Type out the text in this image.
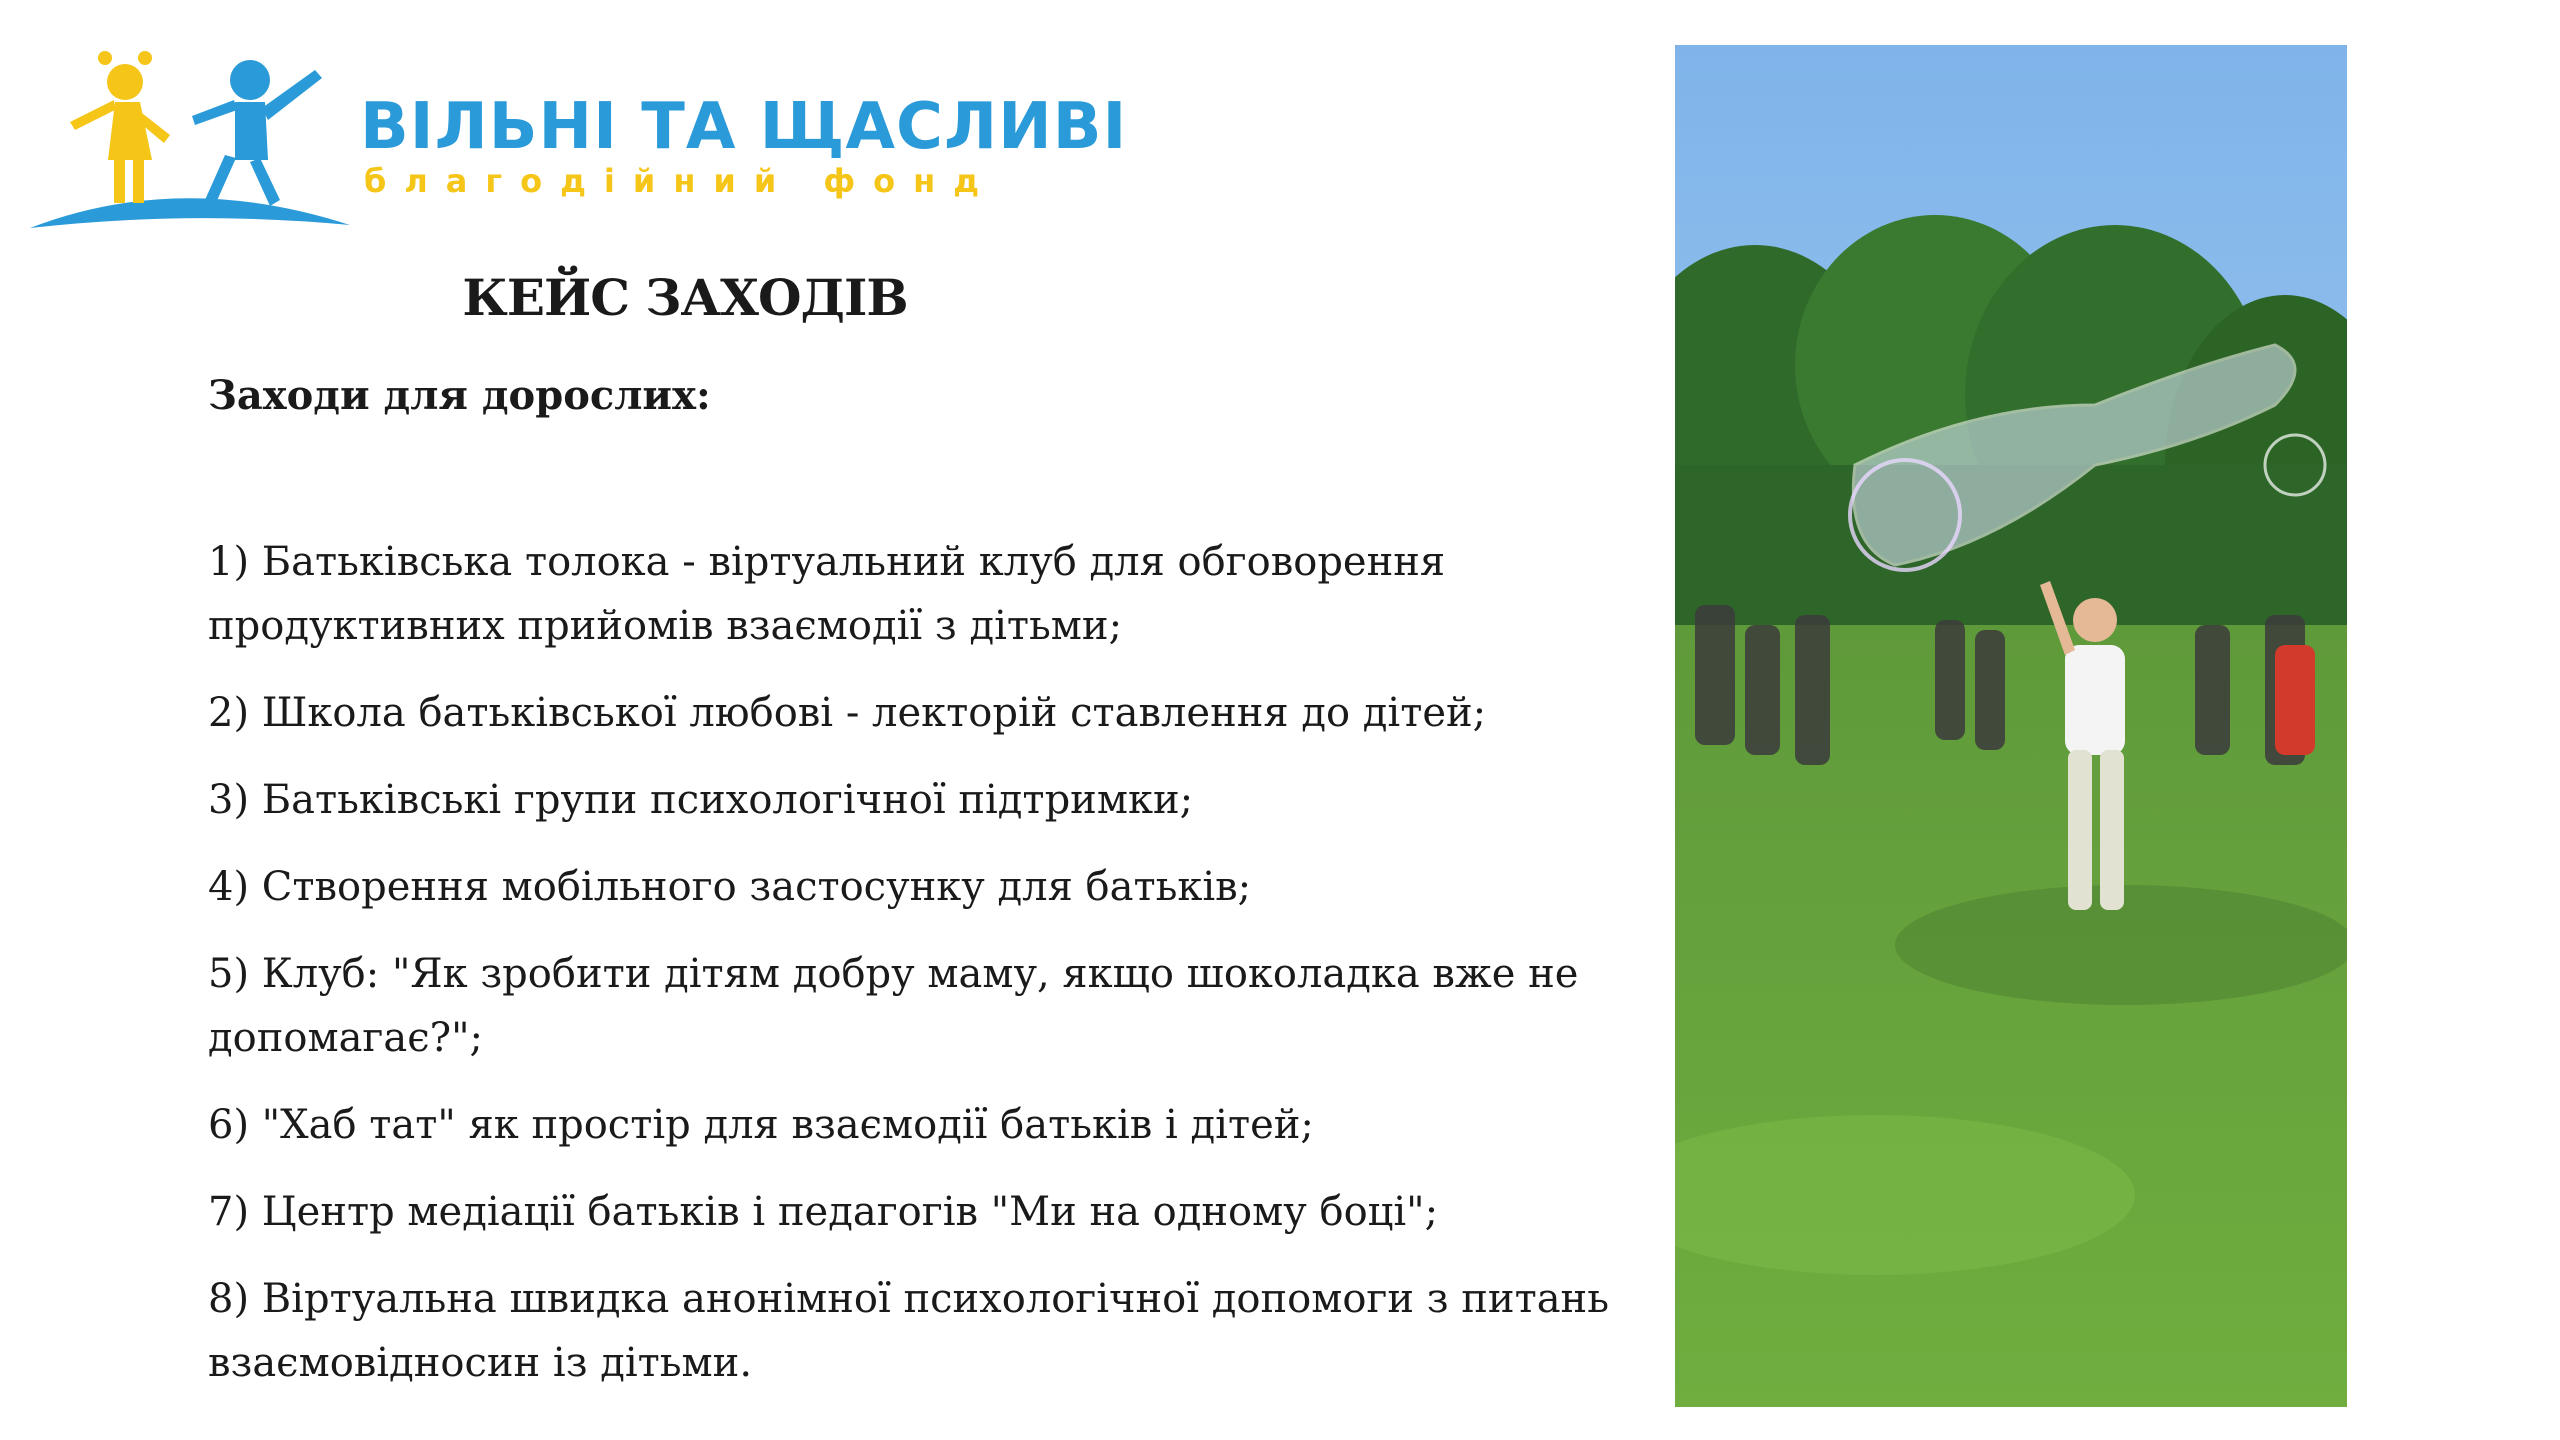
ВІЛЬНІ ТА ЩАСЛИВІ
благодійний фонд
КЕЙС ЗАХОДІВ
Заходи для дорослих:
1) Батьківська толока - віртуальний клуб для обговорення продуктивних прийомів взаємодії з дітьми;
2) Школа батьківської любові - лекторій ставлення до дітей;
3) Батьківські групи психологічної підтримки;
4) Створення мобільного застосунку для батьків;
5) Клуб: "Як зробити дітям добру маму, якщо шоколадка вже не допомагає?";
6) "Хаб тат" як простір для взаємодії батьків і дітей;
7) Центр медіації батьків і педагогів "Ми на одному боці";
8) Віртуальна швидка анонімної психологічної допомоги з питань взаємовідносин із дітьми.
